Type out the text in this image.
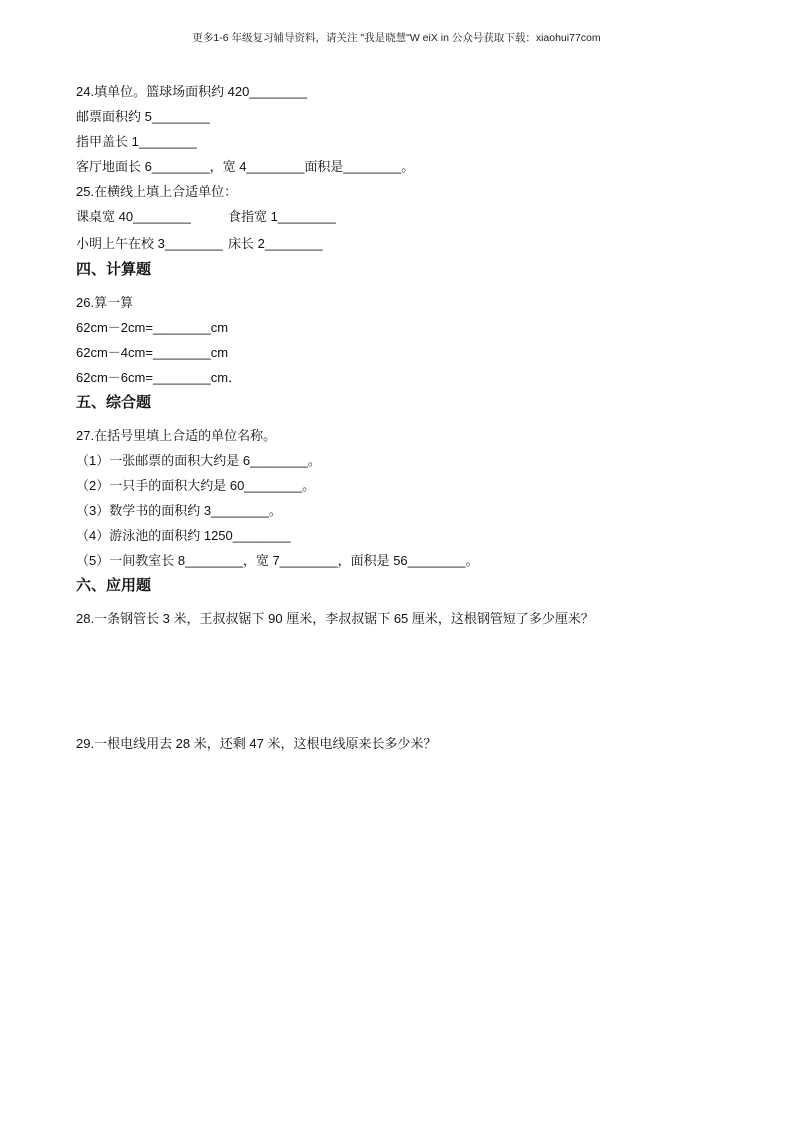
更多1-6 年级复习辅导资料，请关注 "我是晓慧"W eiX in 公众号获取下载：xiaohui77com
24.填单位。篮球场面积约 420________
邮票面积约 5________
指甲盖长 1________
客厅地面长 6________，宽 4________面积是________。
25.在横线上填上合适单位：
课桌宽 40________	食指宽 1________
小明上午在校 3________ 床长 2________
四、计算题
26.算一算
62cm－2cm=________cm
62cm－4cm=________cm
62cm－6cm=________cm．
五、综合题
27.在括号里填上合适的单位名称。
（1）一张邮票的面积大约是 6________。
（2）一只手的面积大约是 60________。
（3）数学书的面积约 3________。
（4）游泳池的面积约 1250________
（5）一间教室长 8________，宽 7________，面积是 56________。
六、应用题
28.一条钢管长 3 米，王叔叔锯下 90 厘米，李叔叔锯下 65 厘米，这根钢管短了多少厘米？
29.一根电线用去 28 米，还剩 47 米，这根电线原来长多少米？
